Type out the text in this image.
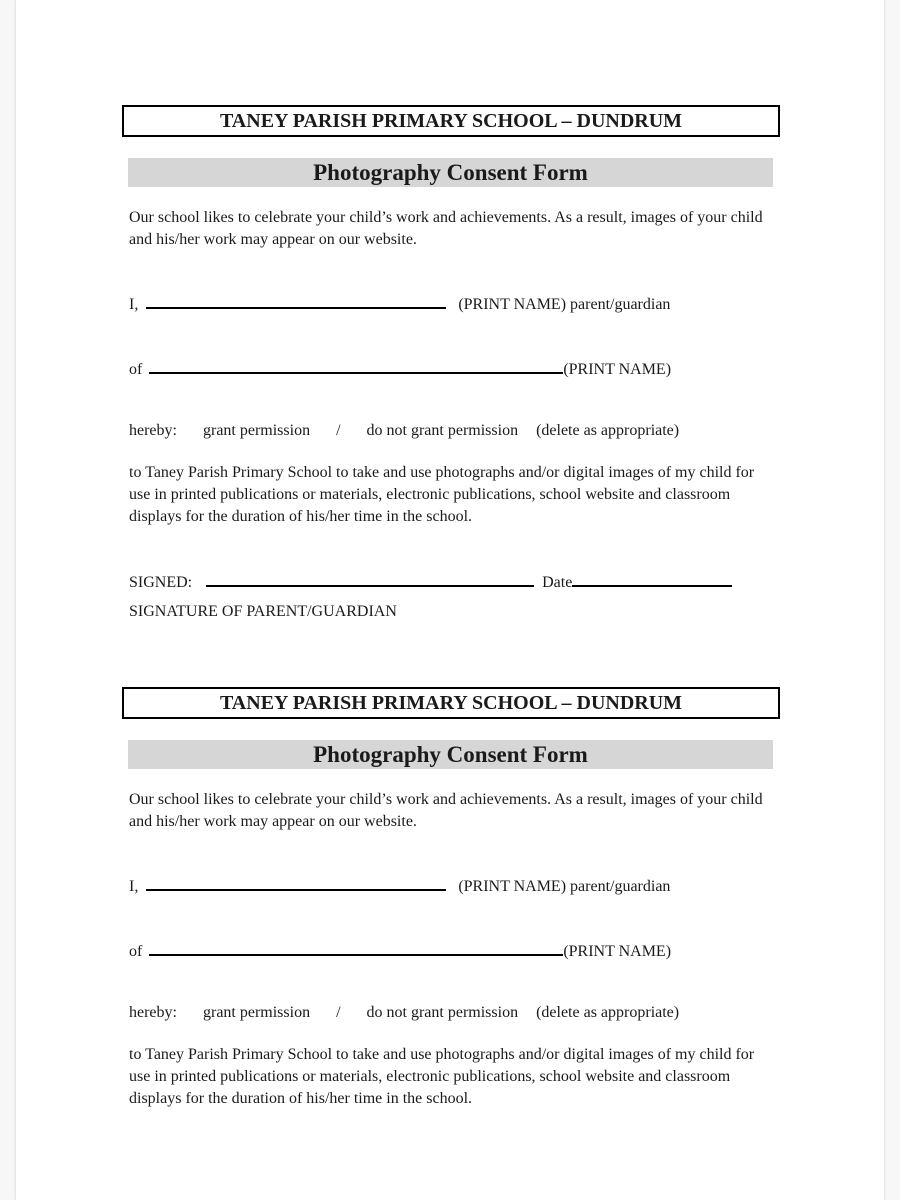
TANEY PARISH PRIMARY SCHOOL – DUNDRUM
Photography Consent Form

Our school likes to celebrate your child’s work and achievements. As a result, images of your child and his/her work may appear on our website.

I,	(PRINT NAME) parent/guardian
of	(PRINT NAME)
hereby: grant permission / do not grant permission (delete as appropriate)

to Taney Parish Primary School to take and use photographs and/or digital images of my child for use in printed publications or materials, electronic publications, school website and classroom displays for the duration of his/her time in the school.

SIGNED:	Date
SIGNATURE OF PARENT/GUARDIAN
TANEY PARISH PRIMARY SCHOOL – DUNDRUM
Photography Consent Form

Our school likes to celebrate your child’s work and achievements. As a result, images of your child and his/her work may appear on our website.

I,	(PRINT NAME) parent/guardian
of	(PRINT NAME)
hereby: grant permission / do not grant permission (delete as appropriate)

to Taney Parish Primary School to take and use photographs and/or digital images of my child for use in printed publications or materials, electronic publications, school website and classroom displays for the duration of his/her time in the school.
